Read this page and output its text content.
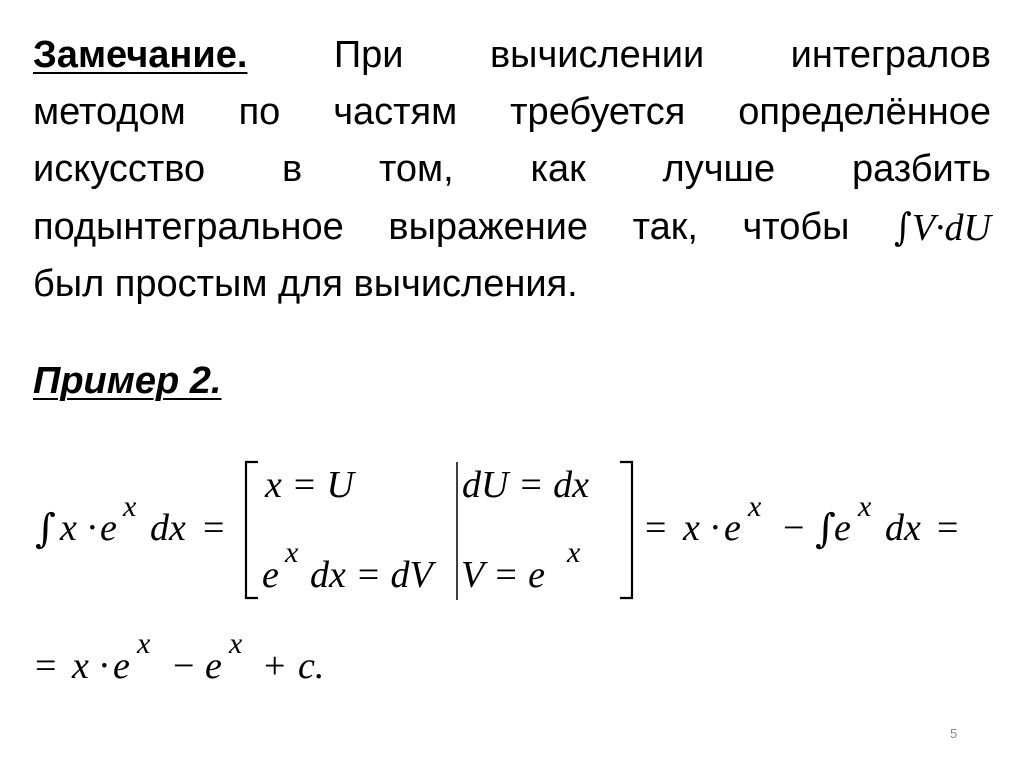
Замечание. При вычислении интегралов
методом по частям требуется определённое
искусство в том, как лучше разбить
подынтегральное выражение так, чтобы ∫V·dU
был простым для вычисления.
Пример 2.
∫ x · e
x
dx =
x = U	dU = dx
e
x
dx = dV V = e
x
= x · e
x
− ∫
e
x
dx =
= x · e
x
− e
x
+ c.
5
